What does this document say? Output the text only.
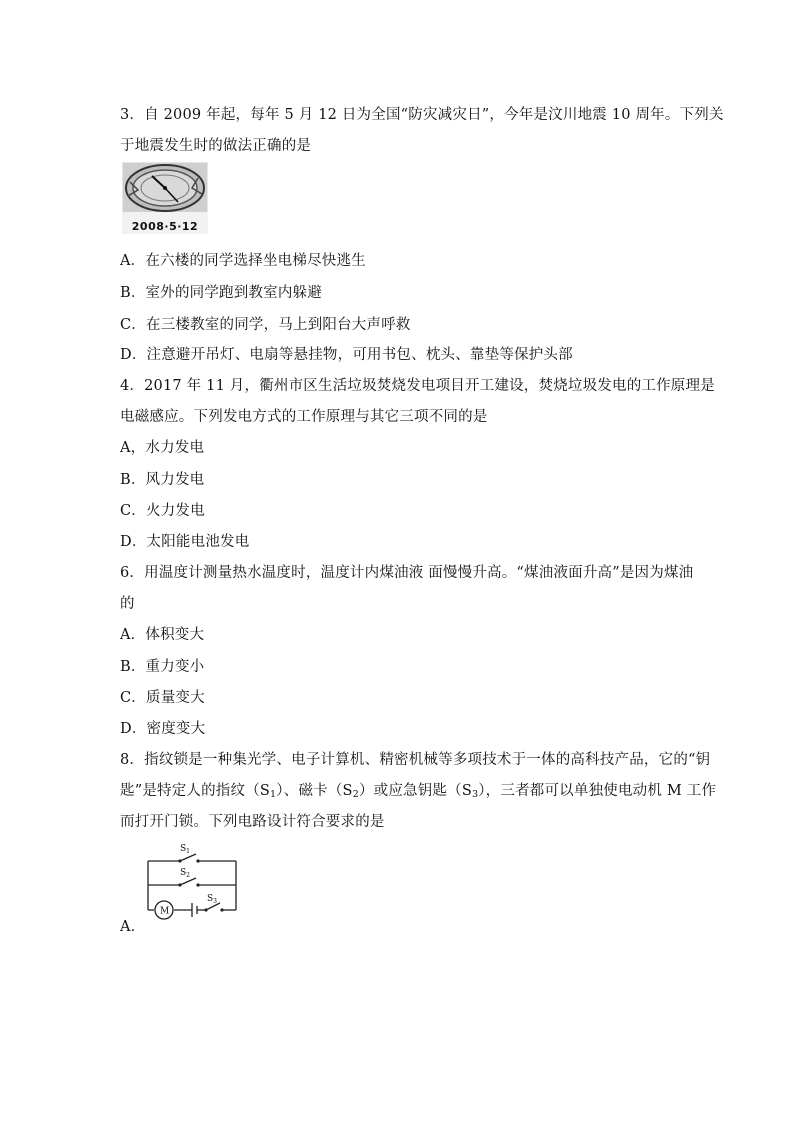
3．自 2009 年起，每年 5 月 12 日为全国“防灾减灾日”，今年是汶川地震 10 周年。下列关
于地震发生时的做法正确的是
2008·5·12
A．在六楼的同学选择坐电梯尽快逃生
B．室外的同学跑到教室内躲避
C．在三楼教室的同学，马上到阳台大声呼救
D．注意避开吊灯、电扇等悬挂物，可用书包、枕头、靠垫等保护头部
4．2017 年 11 月，衢州市区生活垃圾焚烧发电项目开工建设，焚烧垃圾发电的工作原理是
电磁感应。下列发电方式的工作原理与其它三项不同的是
A，水力发电
B．风力发电
C．火力发电
D．太阳能电池发电
6．用温度计测量热水温度时，温度计内煤油液 面慢慢升高。“煤油液面升高”是因为煤油
的
A．体积变大
B．重力变小
C．质量变大
D．密度变大
8．指纹锁是一种集光学、电子计算机、精密机械等多项技术于一体的高科技产品，它的“钥
匙”是特定人的指纹$(S_1)$、磁卡$(S_2)$或应急钥匙$(S_3)$，三者都可以单独使电动机 M 工作
而打开门锁。下列电路设计符合要求的是
$S_1$
$S_2$
$S_3$
M
A．
